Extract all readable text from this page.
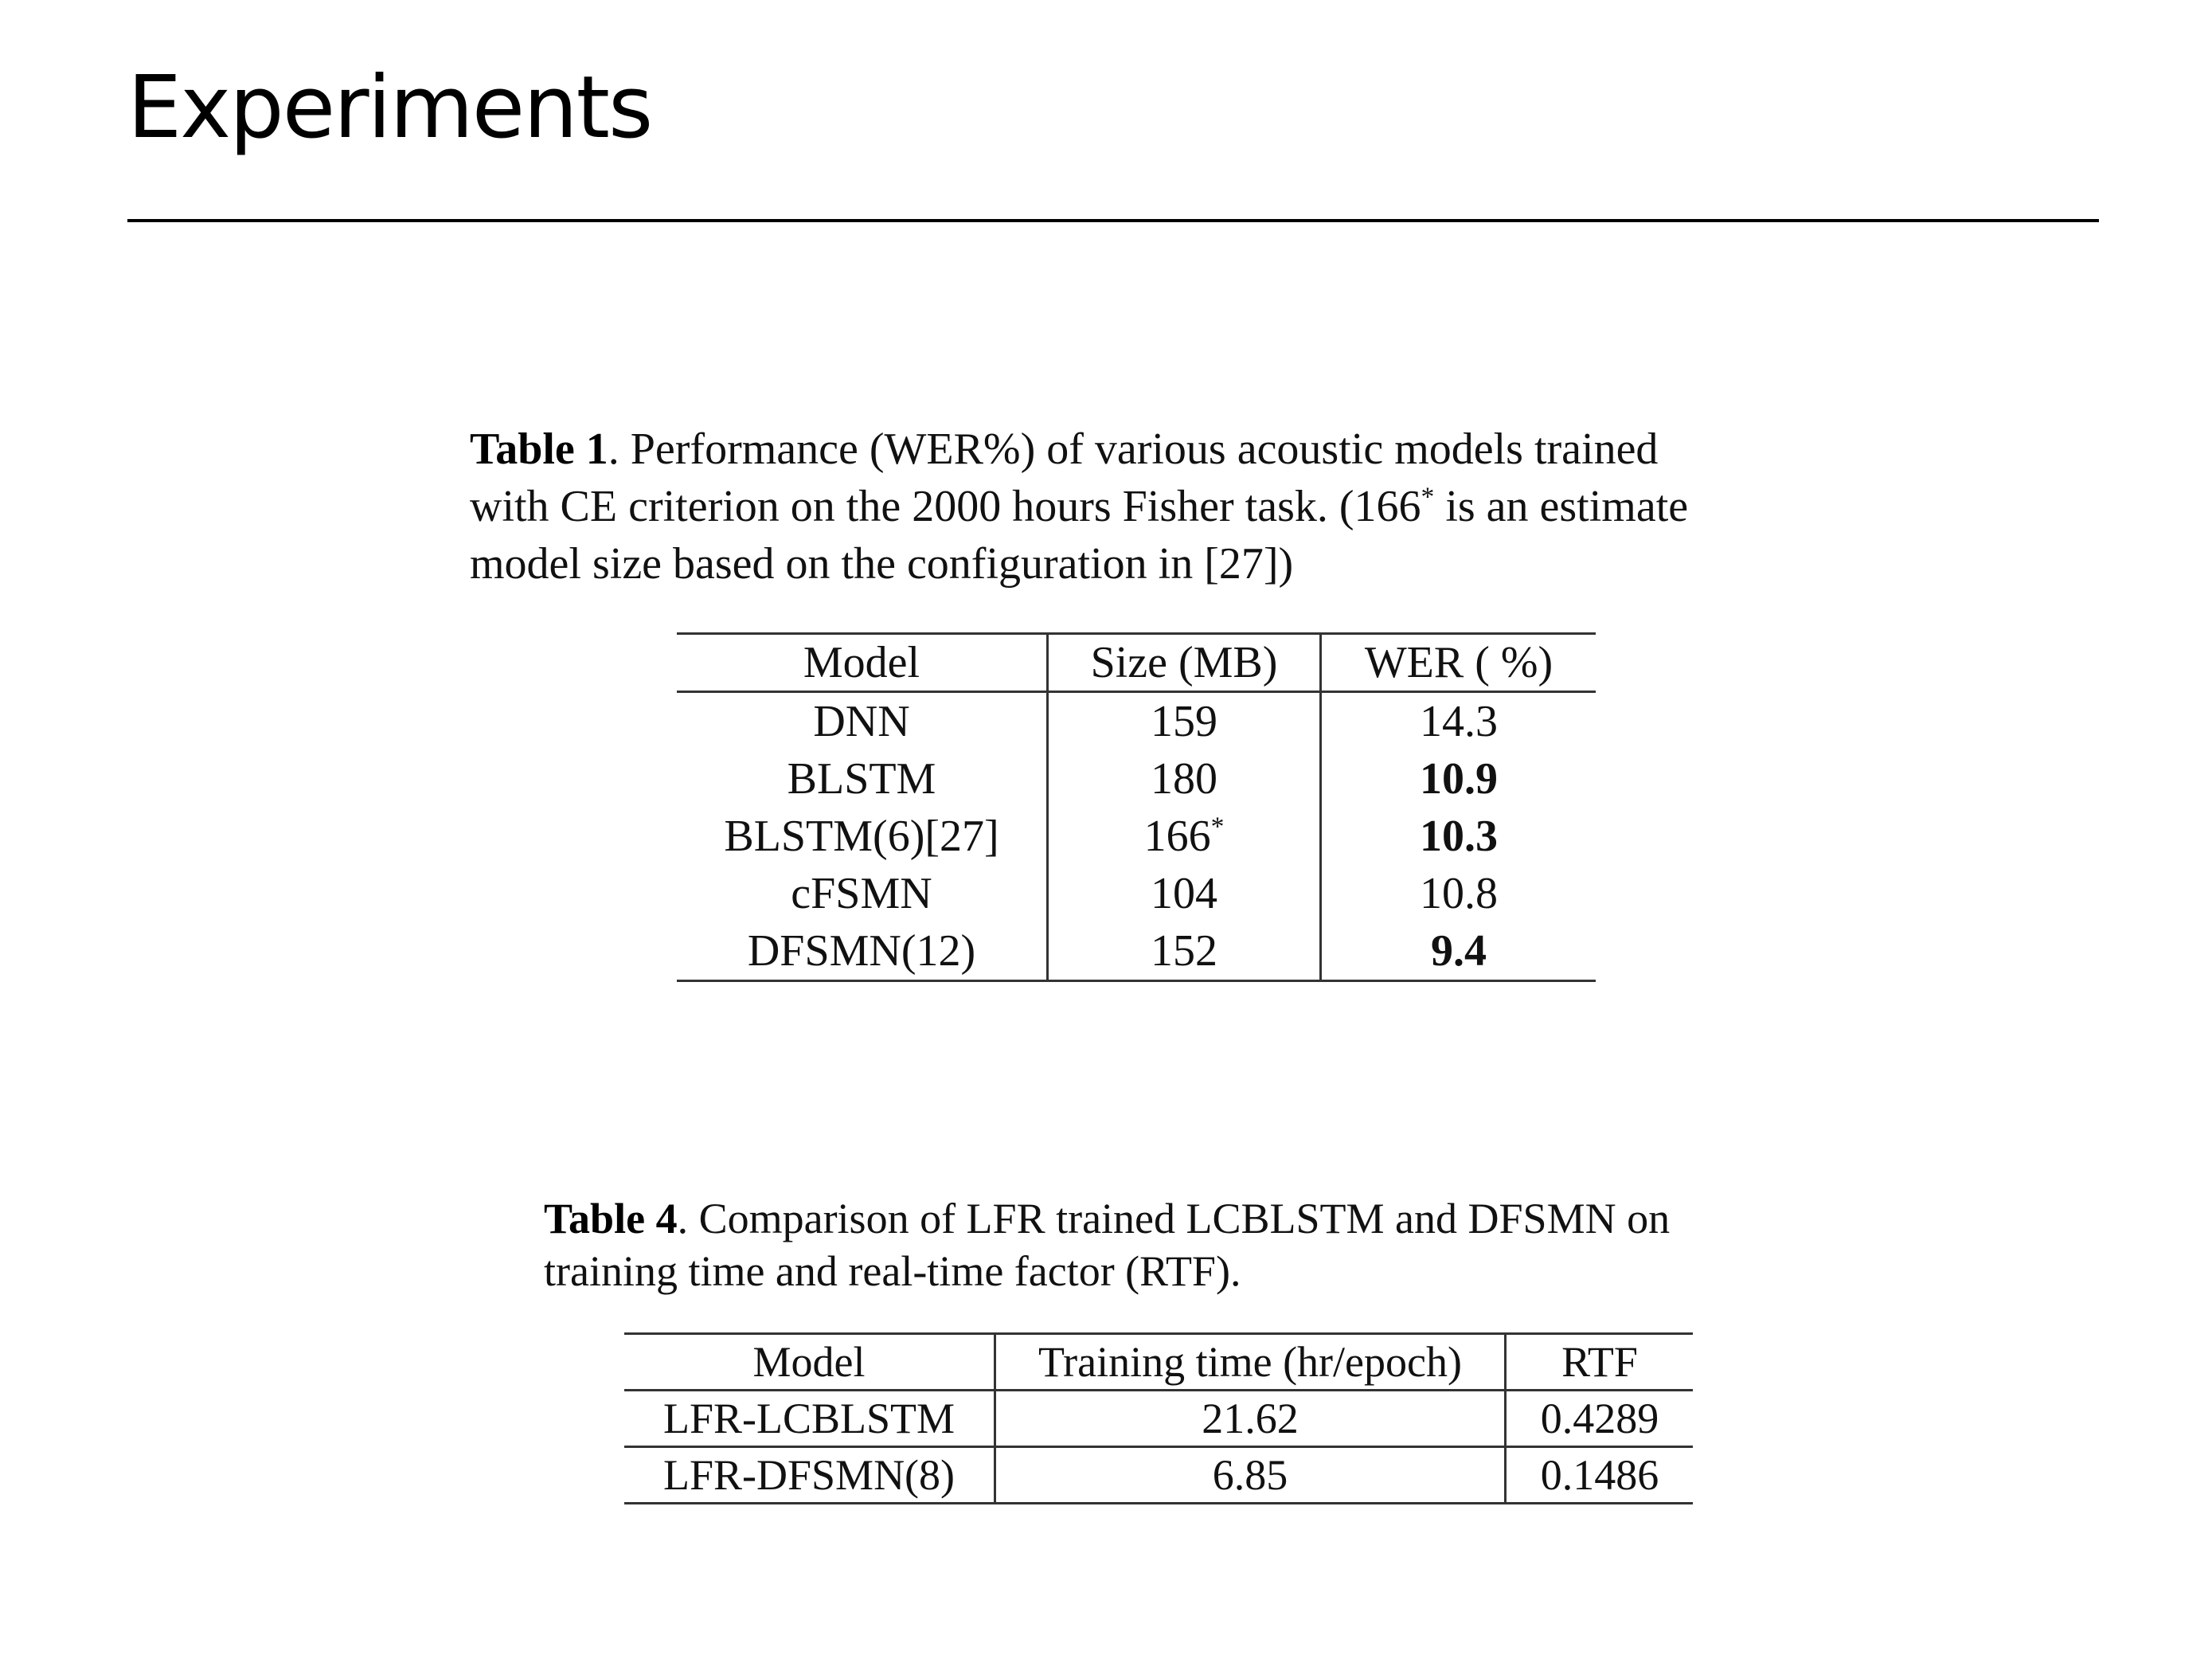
Experiments
Table 1. Performance (WER%) of various acoustic models trained
with CE criterion on the 2000 hours Fisher task. (166* is an estimate
model size based on the configuration in [27])
Model	Size (MB)	WER ( %)
DNN	159	14.3
BLSTM	180	10.9
BLSTM(6)[27]	166*	10.3
cFSMN	104	10.8
DFSMN(12)	152	9.4
Table 4. Comparison of LFR trained LCBLSTM and DFSMN on
training time and real-time factor (RTF).
Model	Training time (hr/epoch)	RTF
LFR-LCBLSTM	21.62	0.4289
LFR-DFSMN(8)	6.85	0.1486
